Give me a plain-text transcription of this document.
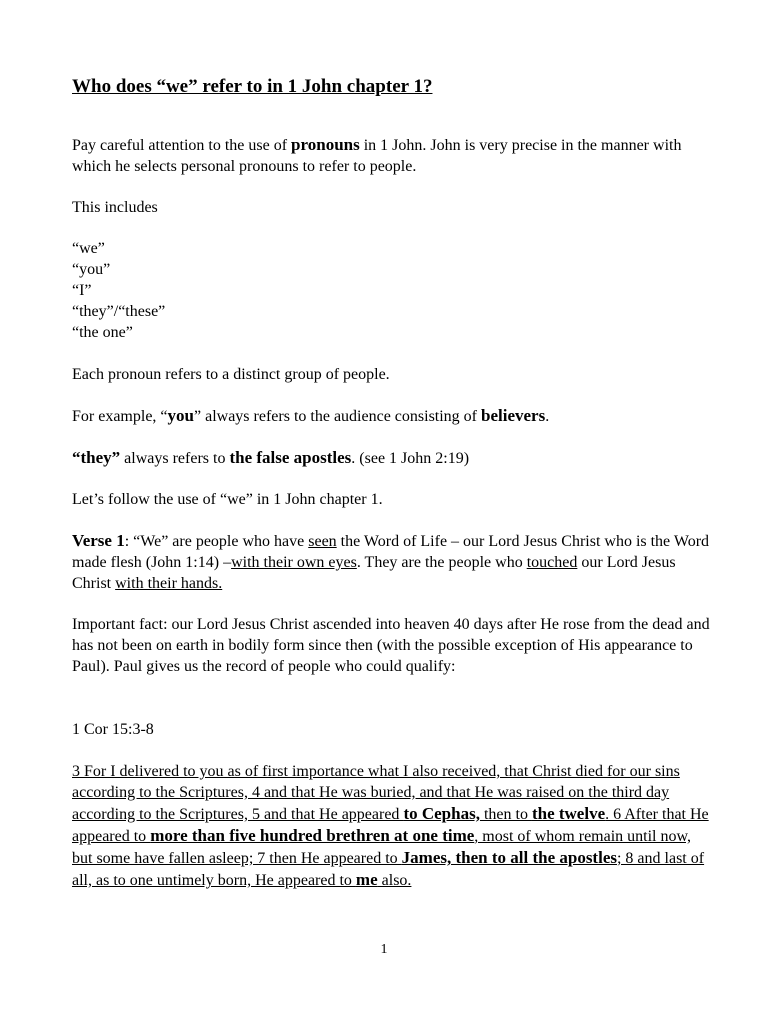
Who does “we” refer to in 1 John chapter 1?

Pay careful attention to the use of pronouns in 1 John. John is very precise in the manner with which he selects personal pronouns to refer to people.

This includes

“we”

“you”

“I”

“they”/“these”

“the one”

Each pronoun refers to a distinct group of people.

For example, “you” always refers to the audience consisting of believers.

“they” always refers to the false apostles. (see 1 John 2:19)

Let’s follow the use of “we” in 1 John chapter 1.

Verse 1: “We” are people who have seen the Word of Life – our Lord Jesus Christ who is the Word made flesh (John 1:14) –with their own eyes. They are the people who touched our Lord Jesus Christ with their hands.

Important fact: our Lord Jesus Christ ascended into heaven 40 days after He rose from the dead and has not been on earth in bodily form since then (with the possible exception of His appearance to Paul). Paul gives us the record of people who could qualify:

1 Cor 15:3-8

3 For I delivered to you as of first importance what I also received, that Christ died for our sins according to the Scriptures, 4 and that He was buried, and that He was raised on the third day according to the Scriptures, 5 and that He appeared to Cephas, then to the twelve. 6 After that He appeared to more than five hundred brethren at one time, most of whom remain until now, but some have fallen asleep; 7 then He appeared to James, then to all the apostles; 8 and last of all, as to one untimely born, He appeared to me also.

1
